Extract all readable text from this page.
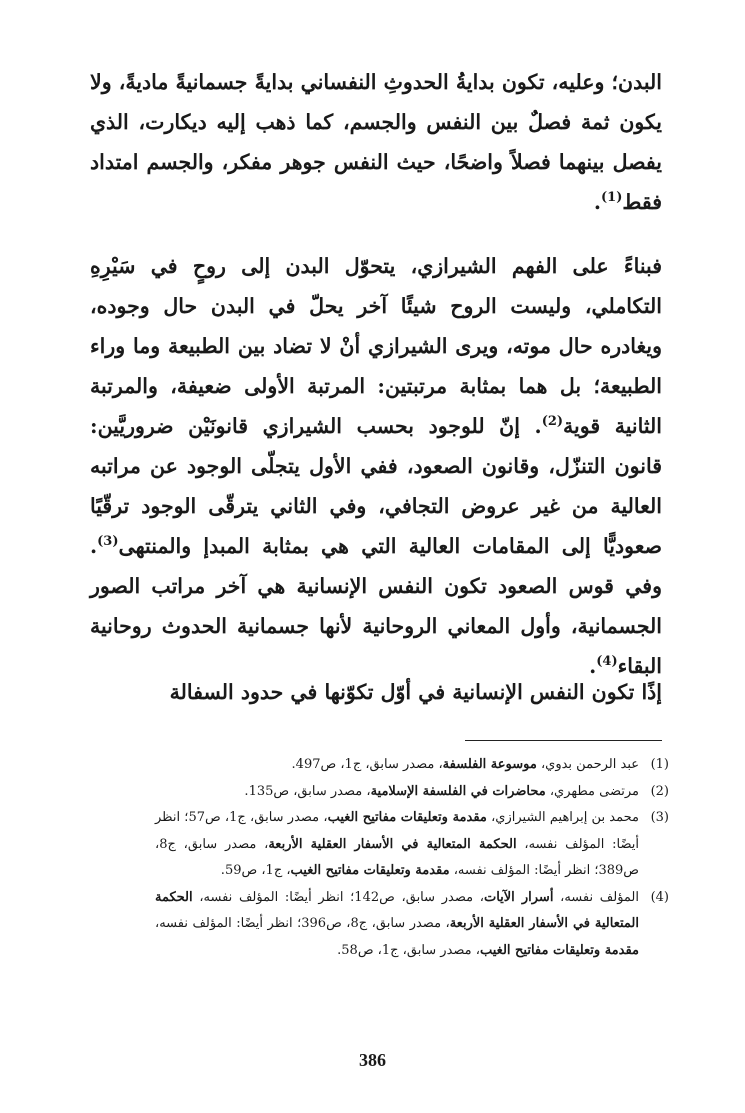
البدن؛ وعليه، تكون بدايةُ الحدوثِ النفساني بدايةً جسمانيةً ماديةً، ولا يكون ثمة فصلٌ بين النفس والجسم، كما ذهب إليه ديكارت، الذي يفصل بينهما فصلاً واضحًا، حيث النفس جوهر مفكر، والجسم امتداد فقط$^{(1)}$.

فبناءً على الفهم الشيرازي، يتحوّل البدن إلى روحٍ في سَيْرِهِ التكاملي، وليست الروح شيئًا آخر يحلّ في البدن حال وجوده، ويغادره حال موته، ويرى الشيرازي أنْ لا تضاد بين الطبيعة وما وراء الطبيعة؛ بل هما بمثابة مرتبتين: المرتبة الأولى ضعيفة، والمرتبة الثانية قوية$^{(2)}$. إنّ للوجود بحسب الشيرازي قانونَيْن ضروريَّين: قانون التنزّل، وقانون الصعود، ففي الأول يتجلّى الوجود عن مراتبه العالية من غير عروض التجافي، وفي الثاني يترقّى الوجود ترقّيًا صعوديًّا إلى المقامات العالية التي هي بمثابة المبدإ والمنتهى$^{(3)}$. وفي قوس الصعود تكون النفس الإنسانية هي آخر مراتب الصور الجسمانية، وأول المعاني الروحانية لأنها جسمانية الحدوث روحانية البقاء$^{(4)}$.

إذًا تكون النفس الإنسانية في أوّل تكوّنها في حدود السفالة

(1)
عبد الرحمن بدوي، موسوعة الفلسفة، مصدر سابق، ج1، ص497.
(2)
مرتضى مطهري، محاضرات في الفلسفة الإسلامية، مصدر سابق، ص135.
(3)
محمد بن إبراهيم الشيرازي، مقدمة وتعليقات مفاتيح الغيب، مصدر سابق، ج1، ص57؛ انظر أيضًا: المؤلف نفسه، الحكمة المتعالية في الأسفار العقلية الأربعة، مصدر سابق، ج8، ص389؛ انظر أيضًا: المؤلف نفسه، مقدمة وتعليقات مفاتيح الغيب، ج1، ص59.
(4)
المؤلف نفسه، أسرار الآيات، مصدر سابق، ص142؛ انظر أيضًا: المؤلف نفسه، الحكمة المتعالية في الأسفار العقلية الأربعة، مصدر سابق، ج8، ص396؛ انظر أيضًا: المؤلف نفسه، مقدمة وتعليقات مفاتيح الغيب، مصدر سابق، ج1، ص58.
386
